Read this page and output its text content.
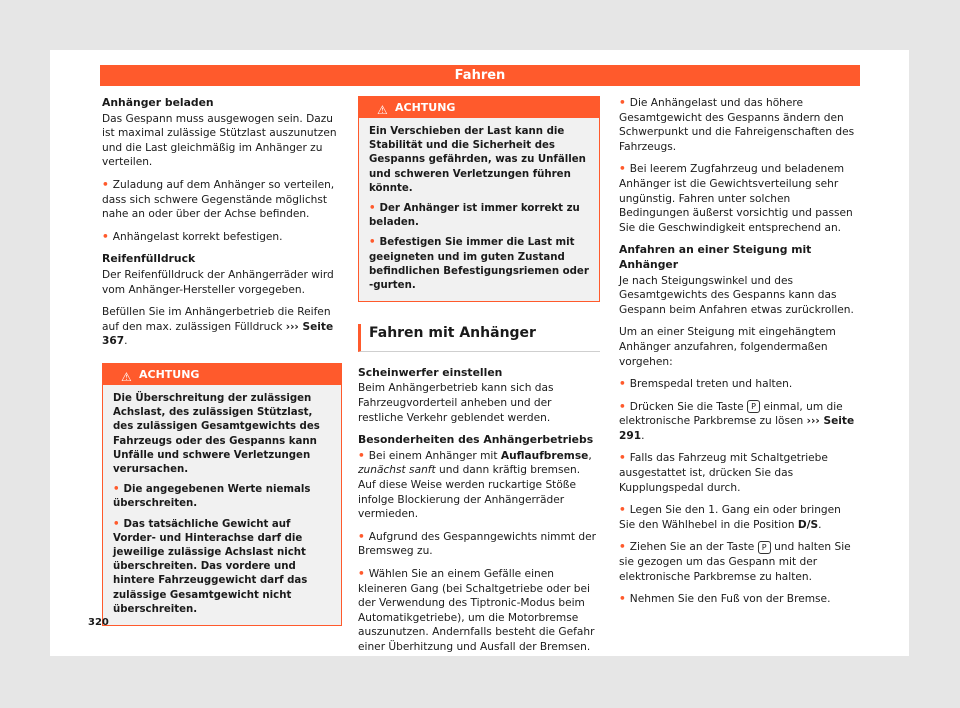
Fahren
Anhänger beladen

Das Gespann muss ausgewogen sein. Dazu ist maximal zulässige Stützlast auszunutzen und die Last gleichmäßig im Anhänger zu verteilen.

• Zuladung auf dem Anhänger so verteilen, dass sich schwere Gegenstände möglichst nahe an oder über der Achse befinden.

• Anhängelast korrekt befestigen.

Reifenfülldruck

Der Reifenfülldruck der Anhängerräder wird vom Anhänger-Hersteller vorgegeben.

Befüllen Sie im Anhängerbetrieb die Reifen auf den max. zulässigen Fülldruck ››› Seite 367.

⚠ ACHTUNG

Die Überschreitung der zulässigen Achslast, des zulässigen Stützlast, des zulässigen Gesamtgewichts des Fahrzeugs oder des Gespanns kann Unfälle und schwere Verletzungen verursachen.

• Die angegebenen Werte niemals überschreiten.

• Das tatsächliche Gewicht auf Vorder- und Hinterachse darf die jeweilige zulässige Achslast nicht überschreiten. Das vordere und hintere Fahrzeuggewicht darf das zulässige Gesamtgewicht nicht überschreiten.

⚠ ACHTUNG

Ein Verschieben der Last kann die Stabilität und die Sicherheit des Gespanns gefährden, was zu Unfällen und schweren Verletzungen führen könnte.

• Der Anhänger ist immer korrekt zu beladen.

• Befestigen Sie immer die Last mit geeigneten und im guten Zustand befindlichen Befestigungsriemen oder -gurten.

Fahren mit Anhänger
Scheinwerfer einstellen

Beim Anhängerbetrieb kann sich das Fahrzeugvorderteil anheben und der restliche Verkehr geblendet werden.

Besonderheiten des Anhängerbetriebs

• Bei einem Anhänger mit Auflaufbremse, zunächst sanft und dann kräftig bremsen. Auf diese Weise werden ruckartige Stöße infolge Blockierung der Anhängerräder vermieden.

• Aufgrund des Gespanngewichts nimmt der Bremsweg zu.

• Wählen Sie an einem Gefälle einen kleineren Gang (bei Schaltgetriebe oder bei der Verwendung des Tiptronic-Modus beim Automatikgetriebe), um die Motorbremse auszunutzen. Andernfalls besteht die Gefahr einer Überhitzung und Ausfall der Bremsen.

• Die Anhängelast und das höhere Gesamtgewicht des Gespanns ändern den Schwerpunkt und die Fahreigenschaften des Fahrzeugs.

• Bei leerem Zugfahrzeug und beladenem Anhänger ist die Gewichtsverteilung sehr ungünstig. Fahren unter solchen Bedingungen äußerst vorsichtig und passen Sie die Geschwindigkeit entsprechend an.

Anfahren an einer Steigung mit Anhänger

Je nach Steigungswinkel und des Gesamtgewichts des Gespanns kann das Gespann beim Anfahren etwas zurückrollen.

Um an einer Steigung mit eingehängtem Anhänger anzufahren, folgendermaßen vorgehen:

• Bremspedal treten und halten.

• Drücken Sie die Taste P einmal, um die elektronische Parkbremse zu lösen ››› Seite 291.

• Falls das Fahrzeug mit Schaltgetriebe ausgestattet ist, drücken Sie das Kupplungspedal durch.

• Legen Sie den 1. Gang ein oder bringen Sie den Wählhebel in die Position D/S.

• Ziehen Sie an der Taste P und halten Sie sie gezogen um das Gespann mit der elektronische Parkbremse zu halten.

• Nehmen Sie den Fuß von der Bremse.

320
